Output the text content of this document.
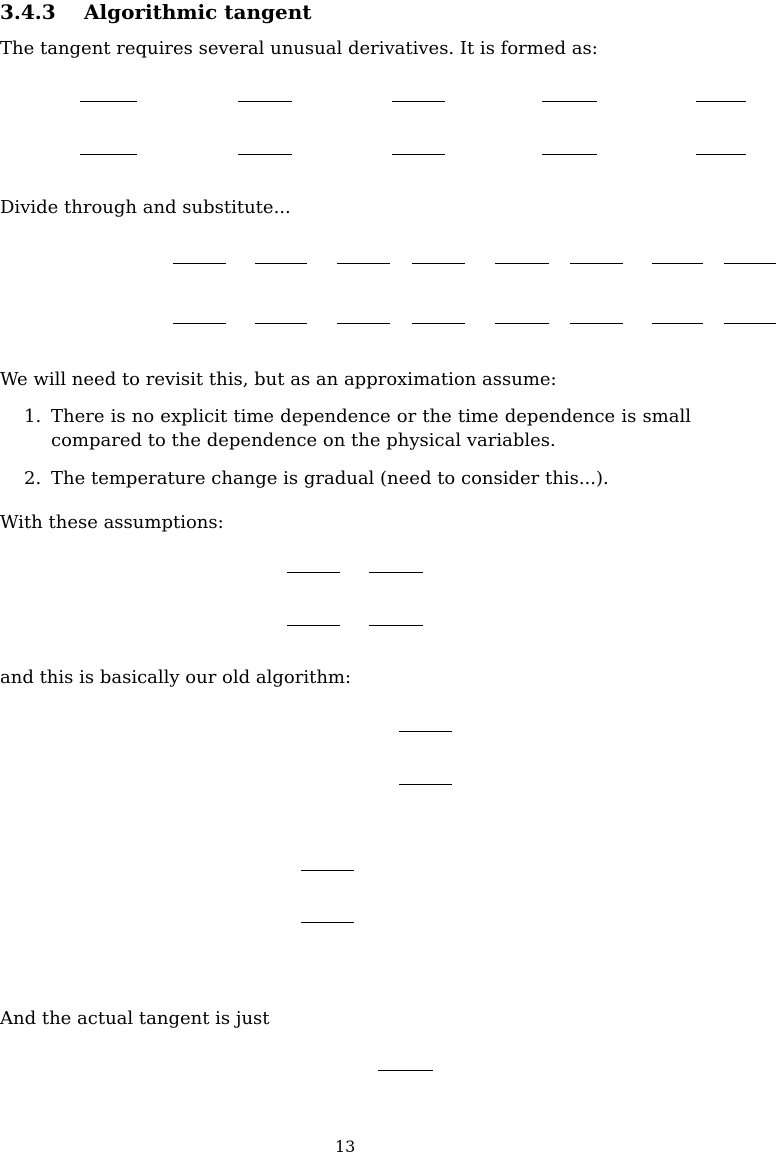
3.4.3 Algorithmic tangent
The tangent requires several unusual derivatives. It is formed as:
Divide through and substitute...
We will need to revisit this, but as an approximation assume:
1. There is no explicit time dependence or the time dependence is small compared to the dependence on the physical variables.
2. The temperature change is gradual (need to consider this...).
With these assumptions:
and this is basically our old algorithm:
And the actual tangent is just
13
